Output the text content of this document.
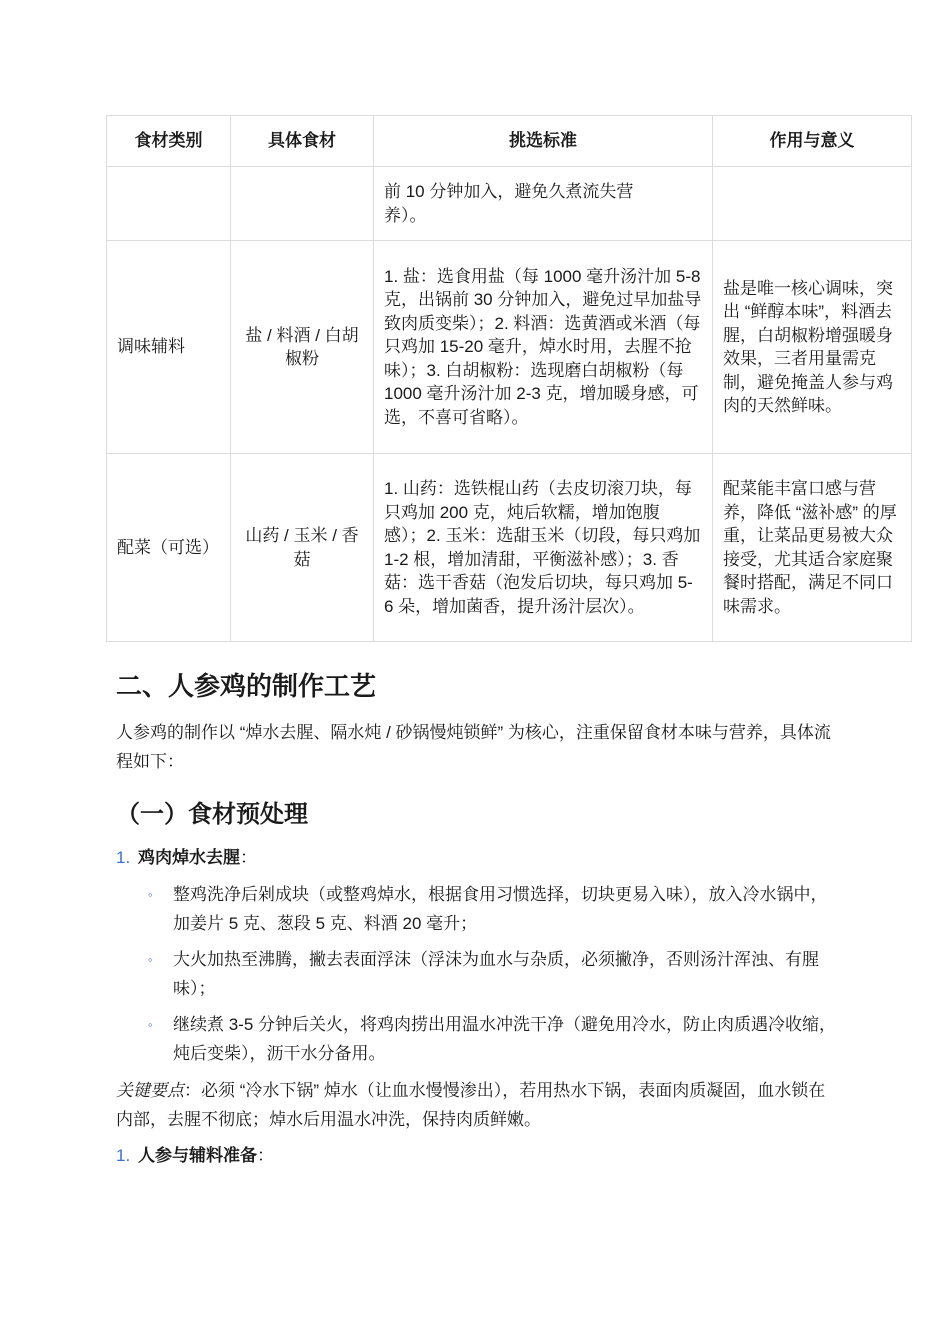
食材类别	具体食材	挑选标准	作用与意义
		前 10 分钟加入，避免久煮流失营养）。	
调味辅料	盐 / 料酒 / 白胡椒粉	1. 盐：选食用盐（每 1000 毫升汤汁加 5-8 克，出锅前 30 分钟加入，避免过早加盐导致肉质变柴）；2. 料酒：选黄酒或米酒（每只鸡加 15-20 毫升，焯水时用，去腥不抢味）；3. 白胡椒粉：选现磨白胡椒粉（每 1000 毫升汤汁加 2-3 克，增加暖身感，可选，不喜可省略）。	盐是唯一核心调味，突出 “鲜醇本味”，料酒去腥，白胡椒粉增强暖身效果，三者用量需克制，避免掩盖人参与鸡肉的天然鲜味。
配菜（可选）	山药 / 玉米 / 香菇	1. 山药：选铁棍山药（去皮切滚刀块，每只鸡加 200 克，炖后软糯，增加饱腹感）；2. 玉米：选甜玉米（切段，每只鸡加 1-2 根，增加清甜，平衡滋补感）；3. 香菇：选干香菇（泡发后切块，每只鸡加 5-6 朵，增加菌香，提升汤汁层次）。	配菜能丰富口感与营养，降低 “滋补感” 的厚重，让菜品更易被大众接受，尤其适合家庭聚餐时搭配，满足不同口味需求。
二、人参鸡的制作工艺

人参鸡的制作以 “焯水去腥、隔水炖 / 砂锅慢炖锁鲜” 为核心，注重保留食材本味与营养，具体流程如下：

（一）食材预处理
1. 鸡肉焯水去腥：
◦ 整鸡洗净后剁成块（或整鸡焯水，根据食用习惯选择，切块更易入味），放入冷水锅中，加姜片 5 克、葱段 5 克、料酒 20 毫升；
◦ 大火加热至沸腾，撇去表面浮沫（浮沫为血水与杂质，必须撇净，否则汤汁浑浊、有腥味）；
◦ 继续煮 3-5 分钟后关火，将鸡肉捞出用温水冲洗干净（避免用冷水，防止肉质遇冷收缩，炖后变柴），沥干水分备用。

关键要点：必须 “冷水下锅” 焯水（让血水慢慢渗出），若用热水下锅，表面肉质凝固，血水锁在内部，去腥不彻底；焯水后用温水冲洗，保持肉质鲜嫩。

1. 人参与辅料准备：
